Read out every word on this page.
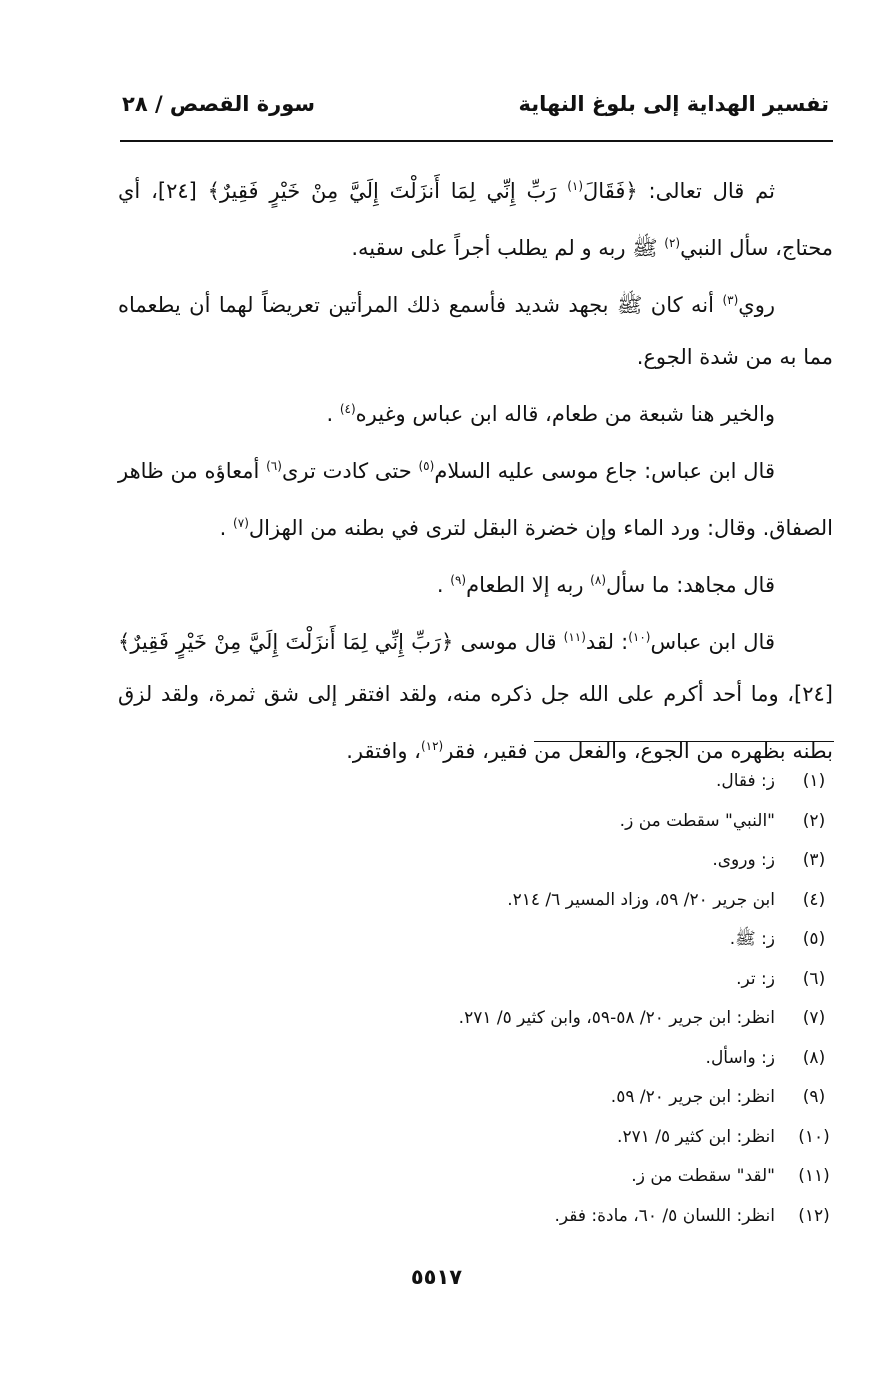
تفسير الهداية إلى بلوغ النهاية
سورة القصص / ٢٨

ثم قال تعالى: ﴿فَقَالَ$^{(١)}$ رَبِّ إِنِّي لِمَا أَنزَلْتَ إِلَيَّ مِنْ خَيْرٍ فَقِيرٌ﴾ [٢٤]، أي محتاج، سأل النبي$^{(٢)}$ ﷺ ربه و لم يطلب أجراً على سقيه.

روي$^{(٣)}$ أنه كان ﷺ بجهد شديد فأسمع ذلك المرأتين تعريضاً لهما أن يطعماه مما به من شدة الجوع.

والخير هنا شبعة من طعام، قاله ابن عباس وغيره$^{(٤)}$ .

قال ابن عباس: جاع موسى عليه السلام$^{(٥)}$ حتى كادت ترى$^{(٦)}$ أمعاؤه من ظاهر الصفاق. وقال: ورد الماء وإن خضرة البقل لترى في بطنه من الهزال$^{(٧)}$ .

قال مجاهد: ما سأل$^{(٨)}$ ربه إلا الطعام$^{(٩)}$ .

قال ابن عباس$^{(١٠)}$: لقد$^{(١١)}$ قال موسى ﴿رَبِّ إِنِّي لِمَا أَنزَلْتَ إِلَيَّ مِنْ خَيْرٍ فَقِيرٌ﴾ [٢٤]، وما أحد أكرم على الله جل ذكره منه، ولقد افتقر إلى شق ثمرة، ولقد لزق بطنه بظهره من الجوع، والفعل من فقير، فقر$^{(١٢)}$، وافتقر.

(١)ز: فقال.
(٢)"النبي" سقطت من ز.
(٣)ز: وروى.
(٤)ابن جرير ٢٠/ ٥٩، وزاد المسير ٦/ ٢١٤.
(٥)ز: ﷺ.
(٦)ز: تر.
(٧)انظر: ابن جرير ٢٠/ ٥٨-٥٩، وابن كثير ٥/ ٢٧١.
(٨)ز: واسأل.
(٩)انظر: ابن جرير ٢٠/ ٥٩.
(١٠)انظر: ابن كثير ٥/ ٢٧١.
(١١)"لقد" سقطت من ز.
(١٢)انظر: اللسان ٥/ ٦٠، مادة: فقر.
٥٥١٧
